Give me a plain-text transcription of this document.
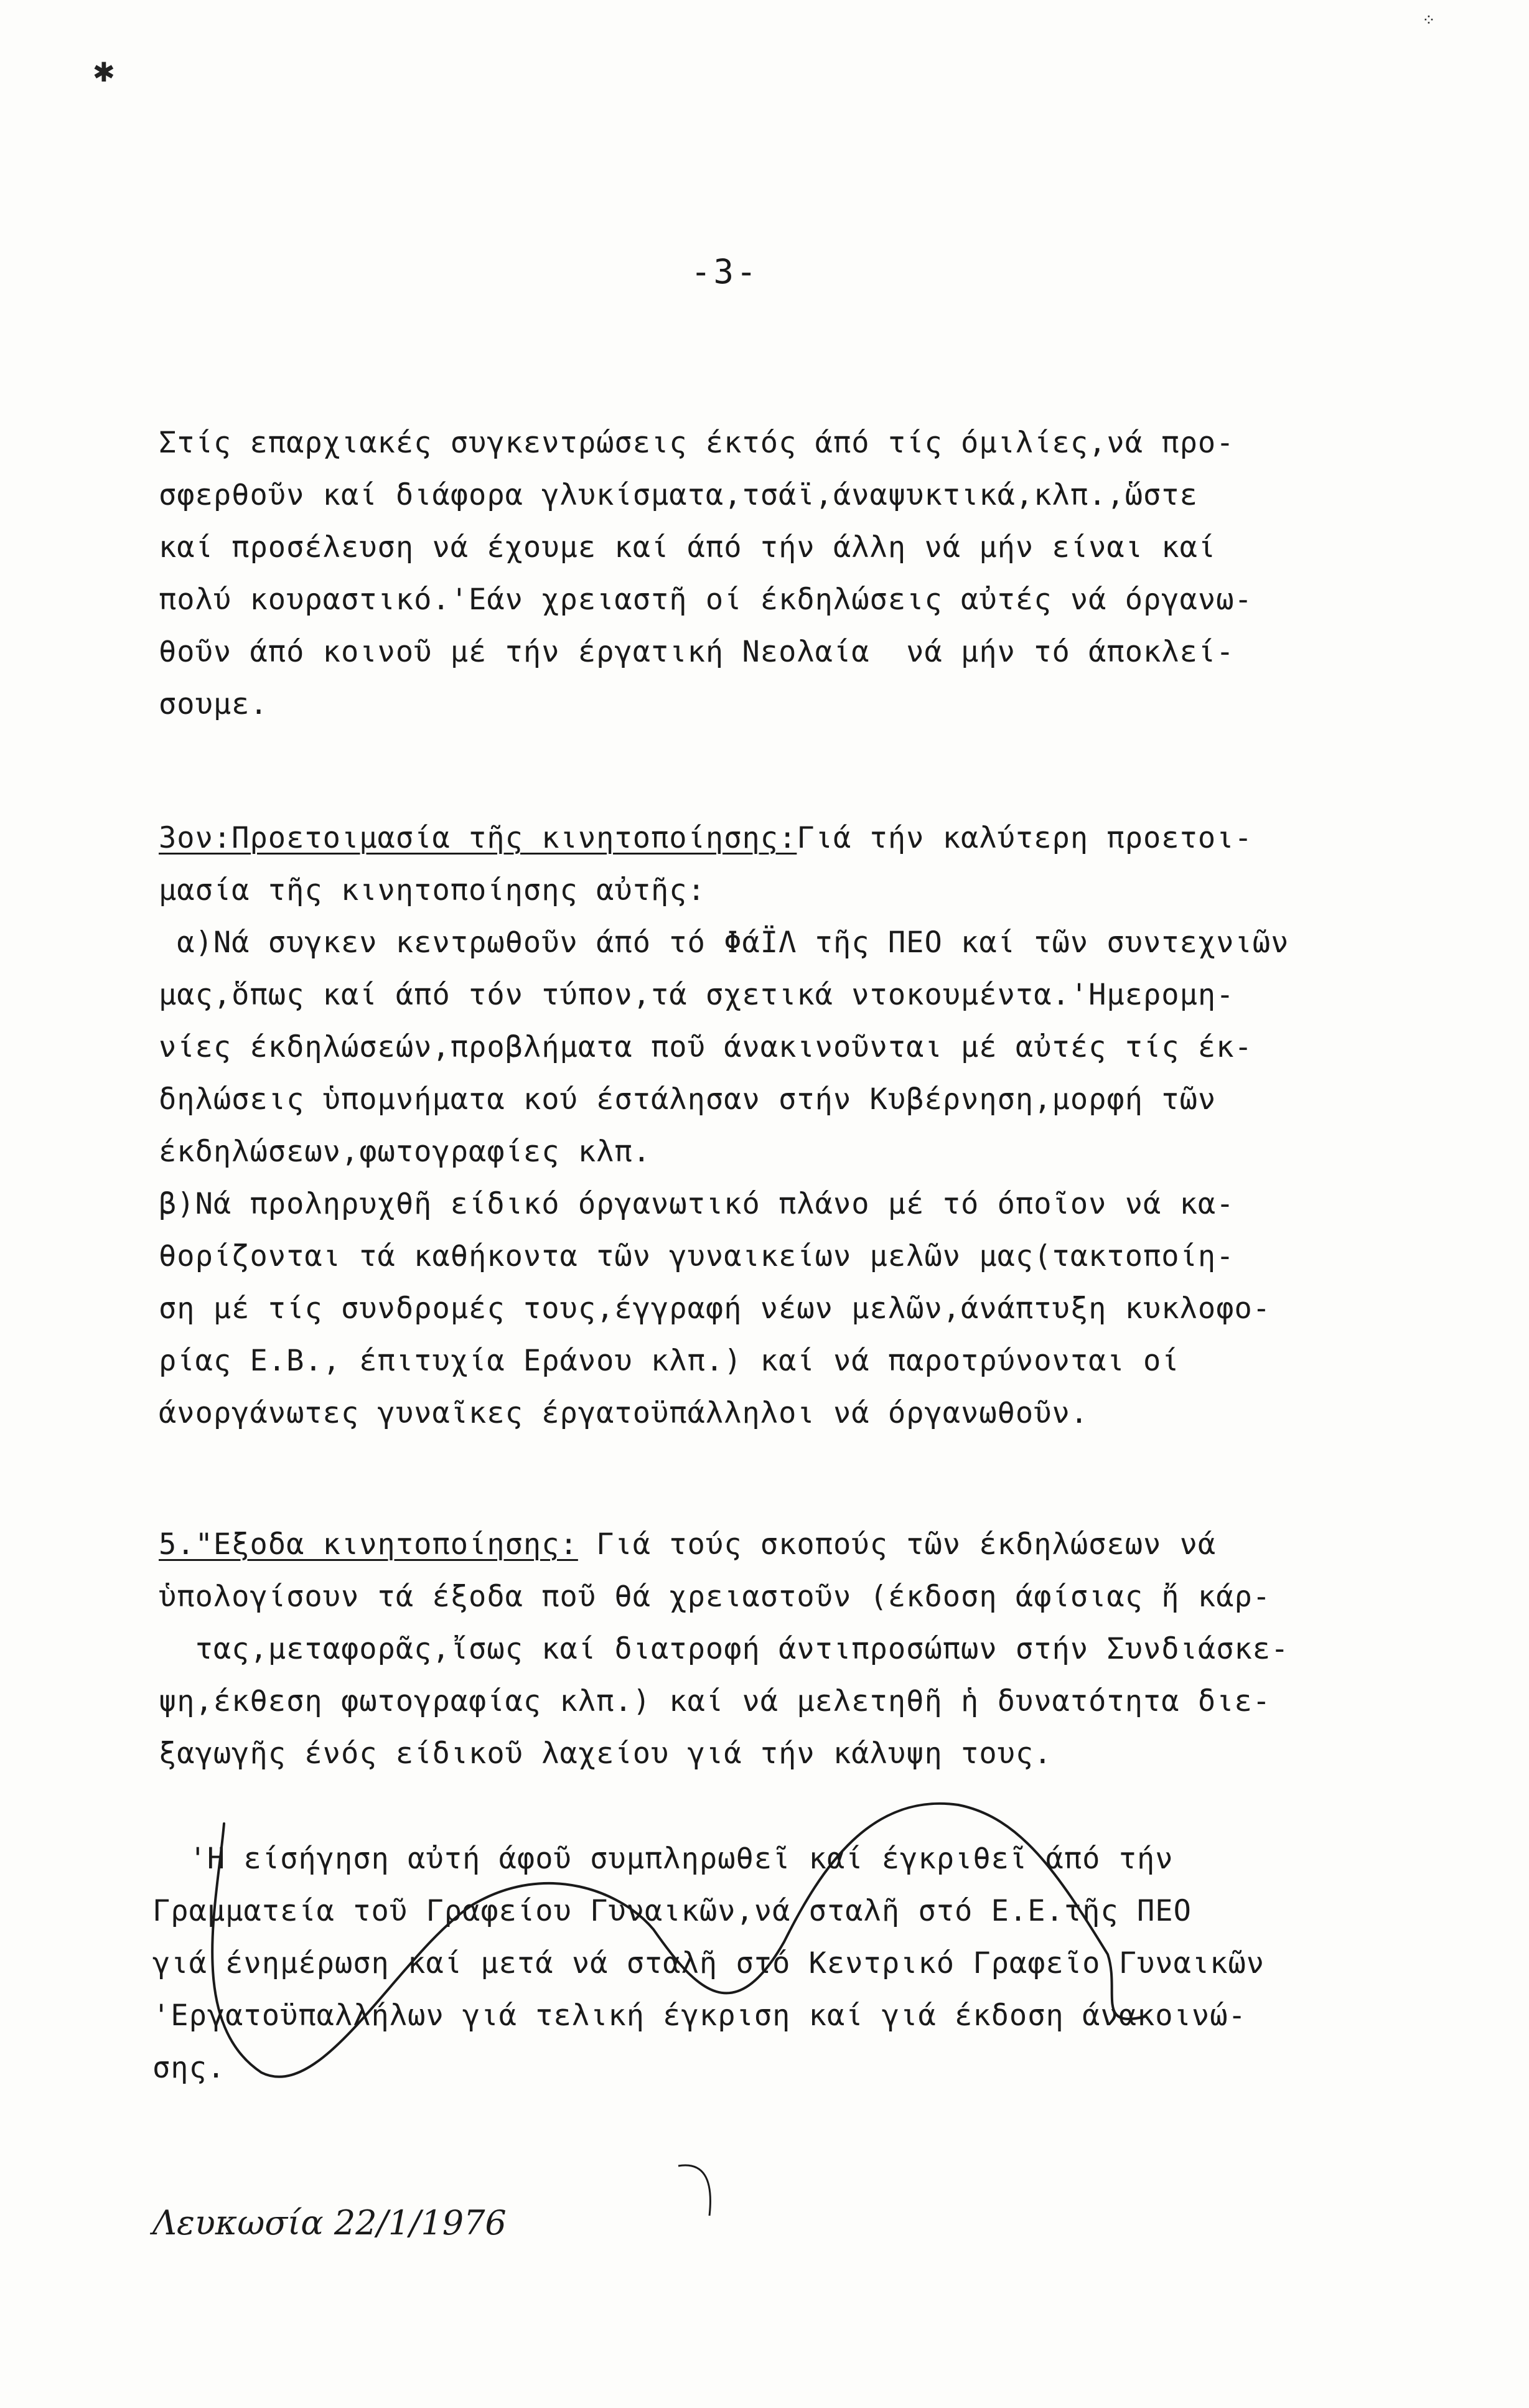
✱
⁘
-3-
Στίς επαρχιακές συγκεντρώσεις έκτός άπό τίς όμιλίες,νά προ-
σφερθοῦν καί διάφορα γλυκίσματα,τσάϊ,άναψυκτικά,κλπ.,ὥστε
καί προσέλευση νά έχουμε καί άπό τήν άλλη νά μήν είναι καί
πολύ κουραστικό.'Εάν χρειαστῆ οί έκδηλώσεις αὐτές νά όργανω-
θοῦν άπό κοινοῦ μέ τήν έργατική Νεολαία  νά μήν τό άποκλεί-
σουμε.
3ον:Προετοιμασία τῆς κινητοποίησης:Γιά τήν καλύτερη προετοι-
μασία τῆς κινητοποίησης αὐτῆς:
α)Νά συγκεν κεντρωθοῦν άπό τό ΦάΪΛ τῆς ΠΕΟ καί τῶν συντεχνιῶν
μας,ὅπως καί άπό τόν τύπον,τά σχετικά ντοκουμέντα.'Ημερομη-
νίες έκδηλώσεών,προβλήματα ποῦ άνακινοῦνται μέ αὐτές τίς έκ-
δηλώσεις ὑπομνήματα κού έστάλησαν στήν Κυβέρνηση,μορφή τῶν
έκδηλώσεων,φωτογραφίες κλπ.
β)Νά προληρυχθῆ είδικό όργανωτικό πλάνο μέ τό όποῖον νά κα-
θορίζονται τά καθήκοντα τῶν γυναικείων μελῶν μας(τακτοποίη-
ση μέ τίς συνδρομές τους,έγγραφή νέων μελῶν,άνάπτυξη κυκλοφο-
ρίας Ε.Β., έπιτυχία Εράνου κλπ.) καί νά παροτρύνονται οί
άνοργάνωτες γυναῖκες έργατοϋπάλληλοι νά όργανωθοῦν.
5."Εξοδα κινητοποίησης: Γιά τούς σκοπούς τῶν έκδηλώσεων νά
ὑπολογίσουν τά έξοδα ποῦ θά χρειαστοῦν (έκδοση άφίσιας ἤ κάρ-
τας,μεταφορᾶς,ἴσως καί διατροφή άντιπροσώπων στήν Συνδιάσκε-
ψη,έκθεση φωτογραφίας κλπ.) καί νά μελετηθῆ ἡ δυνατότητα διε-
ξαγωγῆς ένός είδικοῦ λαχείου γιά τήν κάλυψη τους.
'Η είσήγηση αὐτή άφοῦ συμπληρωθεῖ καί έγκριθεῖ άπό τήν
Γραμματεία τοῦ Γραφείου Γυναικῶν,νά σταλῆ στό Ε.Ε.τῆς ΠΕΟ
γιά ένημέρωση καί μετά νά σταλῆ στό Κεντρικό Γραφεῖο Γυναικῶν
'Εργατοϋπαλλήλων γιά τελική έγκριση καί γιά έκδοση άνακοινώ-
σης.
Λευκωσία 22/1/1976
